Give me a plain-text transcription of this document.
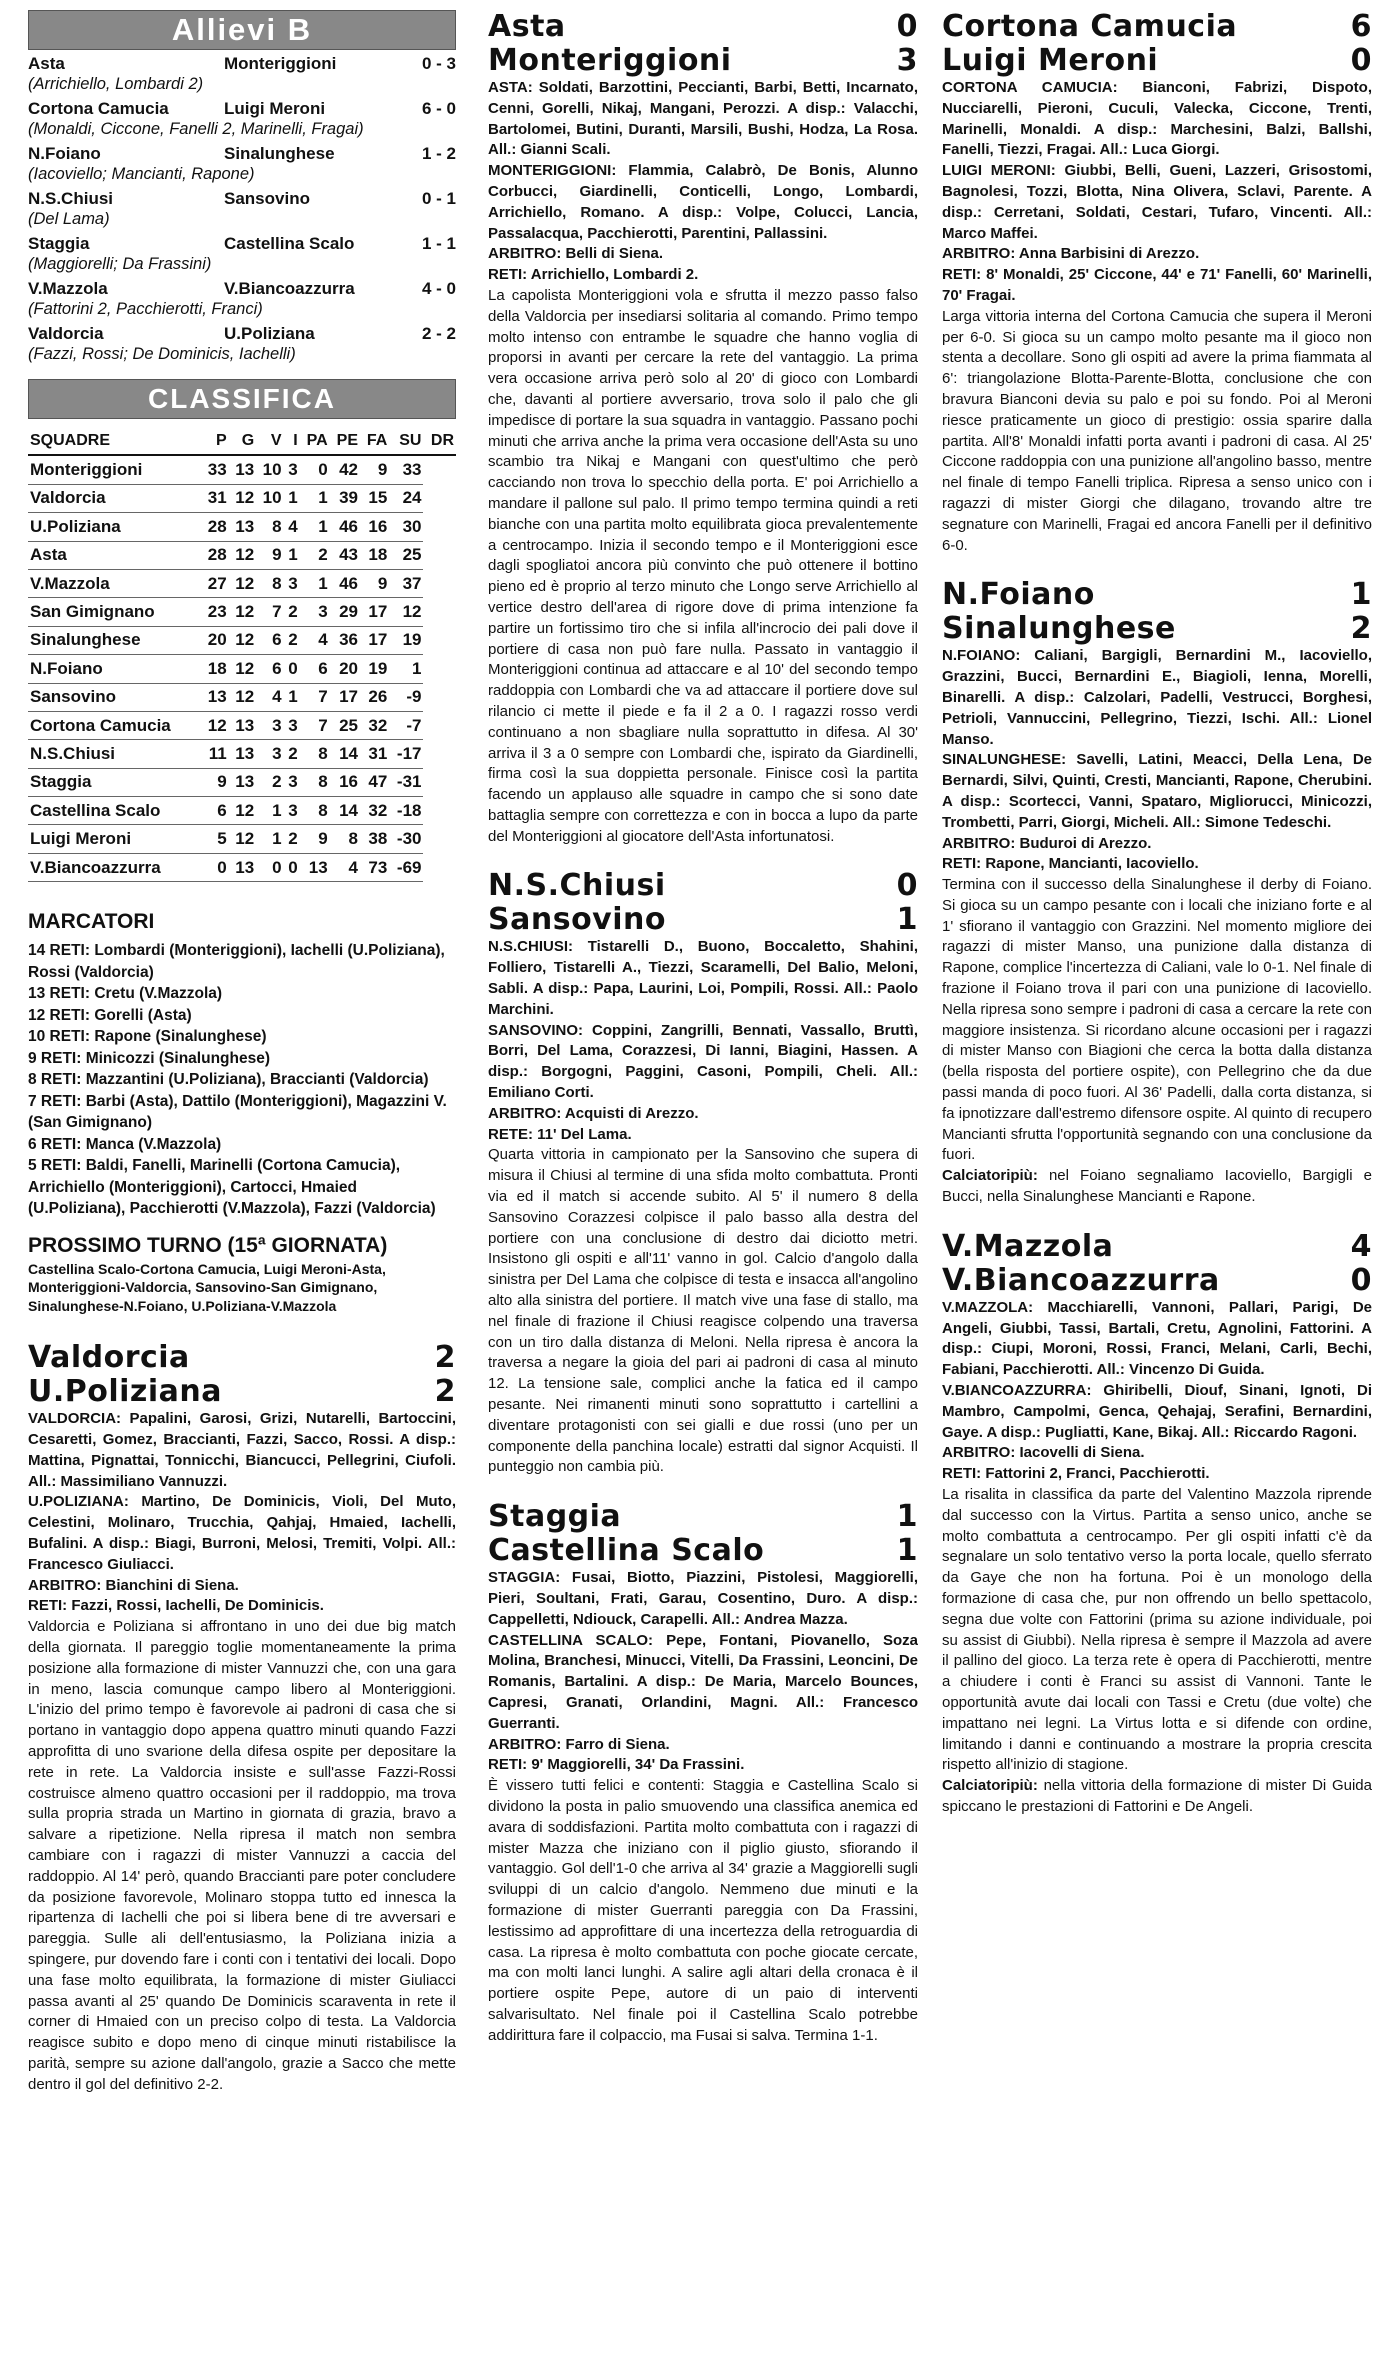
Allievi B
Asta	Monteriggioni	0 - 3
(Arrichiello, Lombardi 2)
Cortona Camucia	Luigi Meroni	6 - 0
(Monaldi, Ciccone, Fanelli 2, Marinelli, Fragai)
N.Foiano	Sinalunghese	1 - 2
(Iacoviello; Mancianti, Rapone)
N.S.Chiusi	Sansovino	0 - 1
(Del Lama)
Staggia	Castellina Scalo	1 - 1
(Maggiorelli; Da Frassini)
V.Mazzola	V.Biancoazzurra	4 - 0
(Fattorini 2, Pacchierotti, Franci)
Valdorcia	U.Poliziana	2 - 2
(Fazzi, Rossi; De Dominicis, Iachelli)
CLASSIFICA
SQUADRE	P	G	V	I	PA	PE	FA	SU	DR
Monteriggioni	33	13	10	3	0	42	9	33	
Valdorcia	31	12	10	1	1	39	15	24	
U.Poliziana	28	13	8	4	1	46	16	30	
Asta	28	12	9	1	2	43	18	25	
V.Mazzola	27	12	8	3	1	46	9	37	
San Gimignano	23	12	7	2	3	29	17	12	
Sinalunghese	20	12	6	2	4	36	17	19	
N.Foiano	18	12	6	0	6	20	19	1	
Sansovino	13	12	4	1	7	17	26	-9	
Cortona Camucia	12	13	3	3	7	25	32	-7	
N.S.Chiusi	11	13	3	2	8	14	31	-17	
Staggia	9	13	2	3	8	16	47	-31	
Castellina Scalo	6	12	1	3	8	14	32	-18	
Luigi Meroni	5	12	1	2	9	8	38	-30	
V.Biancoazzurra	0	13	0	0	13	4	73	-69	
MARCATORI
14 RETI: Lombardi (Monteriggioni), Iachelli (U.Poliziana), Rossi (Valdorcia)
13 RETI: Cretu (V.Mazzola)
12 RETI: Gorelli (Asta)
10 RETI: Rapone (Sinalunghese)
9 RETI: Minicozzi (Sinalunghese)
8 RETI: Mazzantini (U.Poliziana), Braccianti (Valdorcia)
7 RETI: Barbi (Asta), Dattilo (Monteriggioni), Magazzini V. (San Gimignano)
6 RETI: Manca (V.Mazzola)
5 RETI: Baldi, Fanelli, Marinelli (Cortona Camucia), Arrichiello (Monteriggioni), Cartocci, Hmaied (U.Poliziana), Pacchierotti (V.Mazzola), Fazzi (Valdorcia)
PROSSIMO TURNO (15ª GIORNATA)
Castellina Scalo-Cortona Camucia, Luigi Meroni-Asta, Monteriggioni-Valdorcia, Sansovino-San Gimignano, Sinalunghese-N.Foiano, U.Poliziana-V.Mazzola
Valdorcia	2
U.Poliziana	2
VALDORCIA: Papalini, Garosi, Grizi, Nutarelli, Bartoccini, Cesaretti, Gomez, Braccianti, Fazzi, Sacco, Rossi. A disp.: Mattina, Pignattai, Tonnicchi, Biancucci, Pellegrini, Ciufoli. All.: Massimiliano Vannuzzi.
U.POLIZIANA: Martino, De Dominicis, Violi, Del Muto, Celestini, Molinaro, Trucchia, Qahjaj, Hmaied, Iachelli, Bufalini. A disp.: Biagi, Burroni, Melosi, Tremiti, Volpi. All.: Francesco Giuliacci.
ARBITRO: Bianchini di Siena.
RETI: Fazzi, Rossi, Iachelli, De Dominicis.

Valdorcia e Poliziana si affrontano in uno dei due big match della giornata. Il pareggio toglie momentaneamente la prima posizione alla formazione di mister Vannuzzi che, con una gara in meno, lascia comunque campo libero al Monteriggioni. L'inizio del primo tempo è favorevole ai padroni di casa che si portano in vantaggio dopo appena quattro minuti quando Fazzi approfitta di uno svarione della difesa ospite per depositare la rete in rete. La Valdorcia insiste e sull'asse Fazzi-Rossi costruisce almeno quattro occasioni per il raddoppio, ma trova sulla propria strada un Martino in giornata di grazia, bravo a salvare a ripetizione. Nella ripresa il match non sembra cambiare con i ragazzi di mister Vannuzzi a caccia del raddoppio. Al 14' però, quando Braccianti pare poter concludere da posizione favorevole, Molinaro stoppa tutto ed innesca la ripartenza di Iachelli che poi si libera bene di tre avversari e pareggia. Sulle ali dell'entusiasmo, la Poliziana inizia a spingere, pur dovendo fare i conti con i tentativi dei locali. Dopo una fase molto equilibrata, la formazione di mister Giuliacci passa avanti al 25' quando De Dominicis scaraventa in rete il corner di Hmaied con un preciso colpo di testa. La Valdorcia reagisce subito e dopo meno di cinque minuti ristabilisce la parità, sempre su azione dall'angolo, grazie a Sacco che mette dentro il gol del definitivo 2-2.

Asta	0
Monteriggioni	3
ASTA: Soldati, Barzottini, Peccianti, Barbi, Betti, Incarnato, Cenni, Gorelli, Nikaj, Mangani, Perozzi. A disp.: Valacchi, Bartolomei, Butini, Duranti, Marsili, Bushi, Hodza, La Rosa. All.: Gianni Scali.
MONTERIGGIONI: Flammia, Calabrò, De Bonis, Alunno Corbucci, Giardinelli, Conticelli, Longo, Lombardi, Arrichiello, Romano. A disp.: Volpe, Colucci, Lancia, Passalacqua, Pacchierotti, Parentini, Pallassini.
ARBITRO: Belli di Siena.
RETI: Arrichiello, Lombardi 2.

La capolista Monteriggioni vola e sfrutta il mezzo passo falso della Valdorcia per insediarsi solitaria al comando. Primo tempo molto intenso con entrambe le squadre che hanno voglia di proporsi in avanti per cercare la rete del vantaggio. La prima vera occasione arriva però solo al 20' di gioco con Lombardi che, davanti al portiere avversario, trova solo il palo che gli impedisce di portare la sua squadra in vantaggio. Passano pochi minuti che arriva anche la prima vera occasione dell'Asta su uno scambio tra Nikaj e Mangani con quest'ultimo che però cacciando non trova lo specchio della porta. E' poi Arrichiello a mandare il pallone sul palo. Il primo tempo termina quindi a reti bianche con una partita molto equilibrata gioca prevalentemente a centrocampo. Inizia il secondo tempo e il Monteriggioni esce dagli spogliatoi ancora più convinto che può ottenere il bottino pieno ed è proprio al terzo minuto che Longo serve Arrichiello al vertice destro dell'area di rigore dove di prima intenzione fa partire un fortissimo tiro che si infila all'incrocio dei pali dove il portiere di casa non può fare nulla. Passato in vantaggio il Monteriggioni continua ad attaccare e al 10' del secondo tempo raddoppia con Lombardi che va ad attaccare il portiere dove sul rilancio ci mette il piede e fa il 2 a 0. I ragazzi rosso verdi continuano a non sbagliare nulla soprattutto in difesa. Al 30' arriva il 3 a 0 sempre con Lombardi che, ispirato da Giardinelli, firma così la sua doppietta personale. Finisce così la partita facendo un applauso alle squadre in campo che si sono date battaglia sempre con correttezza e con in bocca a lupo da parte del Monteriggioni al giocatore dell'Asta infortunatosi.

N.S.Chiusi	0
Sansovino	1
N.S.CHIUSI: Tistarelli D., Buono, Boccaletto, Shahini, Folliero, Tistarelli A., Tiezzi, Scaramelli, Del Balio, Meloni, Sabli. A disp.: Papa, Laurini, Loi, Pompili, Rossi. All.: Paolo Marchini.
SANSOVINO: Coppini, Zangrilli, Bennati, Vassallo, Bruttì, Borri, Del Lama, Corazzesi, Di Ianni, Biagini, Hassen. A disp.: Borgogni, Paggini, Casoni, Pompili, Cheli. All.: Emiliano Corti.
ARBITRO: Acquisti di Arezzo.
RETE: 11' Del Lama.

Quarta vittoria in campionato per la Sansovino che supera di misura il Chiusi al termine di una sfida molto combattuta. Pronti via ed il match si accende subito. Al 5' il numero 8 della Sansovino Corazzesi colpisce il palo basso alla destra del portiere con una conclusione di destro dai diciotto metri. Insistono gli ospiti e all'11' vanno in gol. Calcio d'angolo dalla sinistra per Del Lama che colpisce di testa e insacca all'angolino alto alla sinistra del portiere. Il match vive una fase di stallo, ma nel finale di frazione il Chiusi reagisce colpendo una traversa con un tiro dalla distanza di Meloni. Nella ripresa è ancora la traversa a negare la gioia del pari ai padroni di casa al minuto 12. La tensione sale, complici anche la fatica ed il campo pesante. Nei rimanenti minuti sono soprattutto i cartellini a diventare protagonisti con sei gialli e due rossi (uno per un componente della panchina locale) estratti dal signor Acquisti. Il punteggio non cambia più.

Staggia	1
Castellina Scalo	1
STAGGIA: Fusai, Biotto, Piazzini, Pistolesi, Maggiorelli, Pieri, Soultani, Frati, Garau, Cosentino, Duro. A disp.: Cappelletti, Ndiouck, Carapelli. All.: Andrea Mazza.
CASTELLINA SCALO: Pepe, Fontani, Piovanello, Soza Molina, Branchesi, Minucci, Vitelli, Da Frassini, Leoncini, De Romanis, Bartalini. A disp.: De Maria, Marcelo Bounces, Capresi, Granati, Orlandini, Magni. All.: Francesco Guerranti.
ARBITRO: Farro di Siena.
RETI: 9' Maggiorelli, 34' Da Frassini.

È vissero tutti felici e contenti: Staggia e Castellina Scalo si dividono la posta in palio smuovendo una classifica anemica ed avara di soddisfazioni. Partita molto combattuta con i ragazzi di mister Mazza che iniziano con il piglio giusto, sfiorando il vantaggio. Gol dell'1-0 che arriva al 34' grazie a Maggiorelli sugli sviluppi di un calcio d'angolo. Nemmeno due minuti e la formazione di mister Guerranti pareggia con Da Frassini, lestissimo ad approfittare di una incertezza della retroguardia di casa. La ripresa è molto combattuta con poche giocate cercate, ma con molti lanci lunghi. A salire agli altari della cronaca è il portiere ospite Pepe, autore di un paio di interventi salvarisultato. Nel finale poi il Castellina Scalo potrebbe addirittura fare il colpaccio, ma Fusai si salva. Termina 1-1.

Cortona Camucia	6
Luigi Meroni	0
CORTONA CAMUCIA: Bianconi, Fabrizi, Dispoto, Nucciarelli, Pieroni, Cuculi, Valecka, Ciccone, Trenti, Marinelli, Monaldi. A disp.: Marchesini, Balzi, Ballshi, Fanelli, Tiezzi, Fragai. All.: Luca Giorgi.
LUIGI MERONI: Giubbi, Belli, Gueni, Lazzeri, Grisostomi, Bagnolesi, Tozzi, Blotta, Nina Olivera, Sclavi, Parente. A disp.: Cerretani, Soldati, Cestari, Tufaro, Vincenti. All.: Marco Maffei.
ARBITRO: Anna Barbisini di Arezzo.
RETI: 8' Monaldi, 25' Ciccone, 44' e 71' Fanelli, 60' Marinelli, 70' Fragai.

Larga vittoria interna del Cortona Camucia che supera il Meroni per 6-0. Si gioca su un campo molto pesante ma il gioco non stenta a decollare. Sono gli ospiti ad avere la prima fiammata al 6': triangolazione Blotta-Parente-Blotta, conclusione che con bravura Bianconi devia su palo e poi su fondo. Poi al Meroni riesce praticamente un gioco di prestigio: ossia sparire dalla partita. All'8' Monaldi infatti porta avanti i padroni di casa. Al 25' Ciccone raddoppia con una punizione all'angolino basso, mentre nel finale di tempo Fanelli triplica. Ripresa a senso unico con i ragazzi di mister Giorgi che dilagano, trovando altre tre segnature con Marinelli, Fragai ed ancora Fanelli per il definitivo 6-0.

N.Foiano	1
Sinalunghese	2
N.FOIANO: Caliani, Bargigli, Bernardini M., Iacoviello, Grazzini, Bucci, Bernardini E., Biagioli, Ienna, Morelli, Binarelli. A disp.: Calzolari, Padelli, Vestrucci, Borghesi, Petrioli, Vannuccini, Pellegrino, Tiezzi, Ischi. All.: Lionel Manso.
SINALUNGHESE: Savelli, Latini, Meacci, Della Lena, De Bernardi, Silvi, Quinti, Cresti, Mancianti, Rapone, Cherubini. A disp.: Scortecci, Vanni, Spataro, Migliorucci, Minicozzi, Trombetti, Parri, Giorgi, Micheli. All.: Simone Tedeschi.
ARBITRO: Buduroi di Arezzo.
RETI: Rapone, Mancianti, Iacoviello.

Termina con il successo della Sinalunghese il derby di Foiano. Si gioca su un campo pesante con i locali che iniziano forte e al 1' sfiorano il vantaggio con Grazzini. Nel momento migliore dei ragazzi di mister Manso, una punizione dalla distanza di Rapone, complice l'incertezza di Caliani, vale lo 0-1. Nel finale di frazione il Foiano trova il pari con una punizione di Iacoviello. Nella ripresa sono sempre i padroni di casa a cercare la rete con maggiore insistenza. Si ricordano alcune occasioni per i ragazzi di mister Manso con Biagioni che cerca la botta dalla distanza (bella risposta del portiere ospite), con Pellegrino che da due passi manda di poco fuori. Al 36' Padelli, dalla corta distanza, si fa ipnotizzare dall'estremo difensore ospite. Al quinto di recupero Mancianti sfrutta l'opportunità segnando con una conclusione da fuori.

Calciatoripiù: nel Foiano segnaliamo Iacoviello, Bargigli e Bucci, nella Sinalunghese Mancianti e Rapone.

V.Mazzola	4
V.Biancoazzurra	0
V.MAZZOLA: Macchiarelli, Vannoni, Pallari, Parigi, De Angeli, Giubbi, Tassi, Bartali, Cretu, Agnolini, Fattorini. A disp.: Ciupi, Moroni, Rossi, Franci, Melani, Carli, Bechi, Fabiani, Pacchierotti. All.: Vincenzo Di Guida.
V.BIANCOAZZURRA: Ghiribelli, Diouf, Sinani, Ignoti, Di Mambro, Campolmi, Genca, Qehajaj, Serafini, Bernardini, Gaye. A disp.: Pugliatti, Kane, Bikaj. All.: Riccardo Ragoni.
ARBITRO: Iacovelli di Siena.
RETI: Fattorini 2, Franci, Pacchierotti.

La risalita in classifica da parte del Valentino Mazzola riprende dal successo con la Virtus. Partita a senso unico, anche se molto combattuta a centrocampo. Per gli ospiti infatti c'è da segnalare un solo tentativo verso la porta locale, quello sferrato da Gaye che non ha fortuna. Poi è un monologo della formazione di casa che, pur non offrendo un bello spettacolo, segna due volte con Fattorini (prima su azione individuale, poi su assist di Giubbi). Nella ripresa è sempre il Mazzola ad avere il pallino del gioco. La terza rete è opera di Pacchierotti, mentre a chiudere i conti è Franci su assist di Vannoni. Tante le opportunità avute dai locali con Tassi e Cretu (due volte) che impattano nei legni. La Virtus lotta e si difende con ordine, limitando i danni e continuando a mostrare la propria crescita rispetto all'inizio di stagione.

Calciatoripiù: nella vittoria della formazione di mister Di Guida spiccano le prestazioni di Fattorini e De Angeli.
